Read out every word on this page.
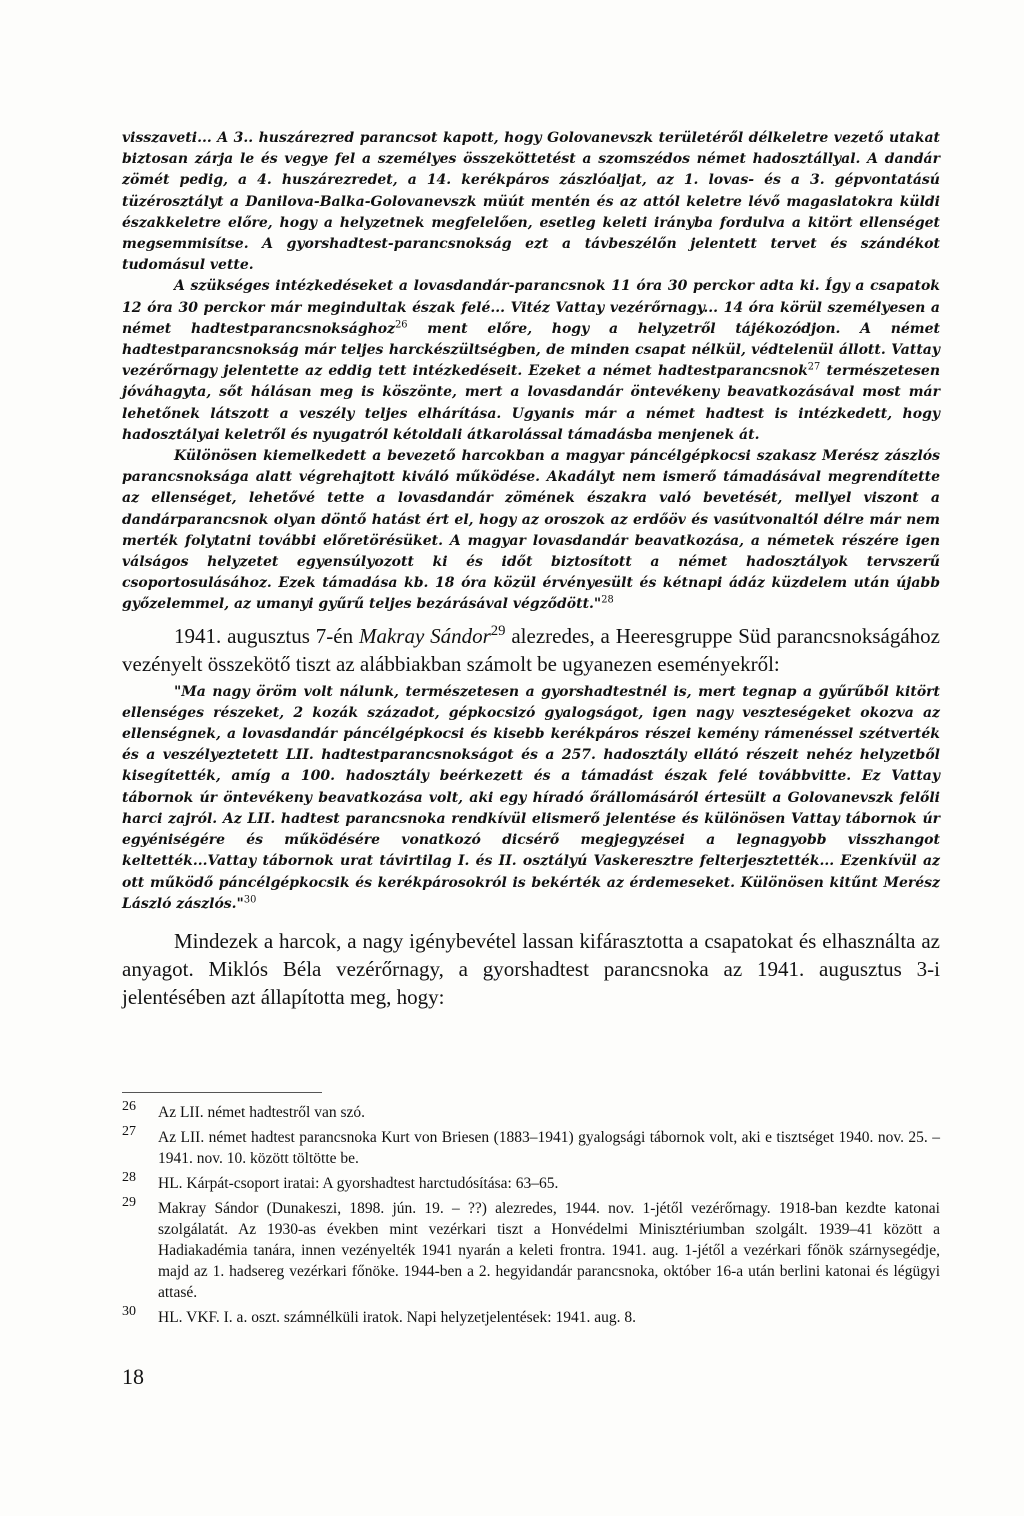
visszaveti... A 3.. huszárezred parancsot kapott, hogy Golovanevszk területéről délkeletre vezető utakat biztosan zárja le és vegye fel a személyes összeköttetést a szomszédos német hadosztállyal. A dandár zömét pedig, a 4. huszárezredet, a 14. kerékpáros zászlóaljat, az 1. lovas- és a 3. gépvontatású tüzérosztályt a Danilova-Balka-Golovanevszk müút mentén és az attól keletre lévő magaslatokra küldi északkeletre előre, hogy a helyzetnek megfelelően, esetleg keleti irányba fordulva a kitört ellenséget megsemmisítse. A gyorshadtest-parancsnokság ezt a távbeszélőn jelentett tervet és szándékot tudomásul vette.

A szükséges intézkedéseket a lovasdandár-parancsnok 11 óra 30 perckor adta ki. Így a csapatok 12 óra 30 perckor már megindultak észak felé... Vitéz Vattay vezérőrnagy... 14 óra körül személyesen a német hadtestparancsnoksághoz$^{26}$ ment előre, hogy a helyzetről tájékozódjon. A német hadtestparancsnokság már teljes harckészültségben, de minden csapat nélkül, védtelenül állott. Vattay vezérőrnagy jelentette az eddig tett intézkedéseit. Ezeket a német hadtestparancsnok$^{27}$ természetesen jóváhagyta, sőt hálásan meg is köszönte, mert a lovasdandár öntevékeny beavatkozásával most már lehetőnek látszott a veszély teljes elhárítása. Ugyanis már a német hadtest is intézkedett, hogy hadosztályai keletről és nyugatról kétoldali átkarolással támadásba menjenek át.

Különösen kiemelkedett a bevezető harcokban a magyar páncélgépkocsi szakasz Merész zászlós parancsnoksága alatt végrehajtott kiváló működése. Akadályt nem ismerő támadásával megrendítette az ellenséget, lehetővé tette a lovasdandár zömének északra való bevetését, mellyel viszont a dandárparancsnok olyan döntő hatást ért el, hogy az oroszok az erdőöv és vasútvonaltól délre már nem merték folytatni további előretörésüket. A magyar lovasdandár beavatkozása, a németek részére igen válságos helyzetet egyensúlyozott ki és időt biztosított a német hadosztályok tervszerű csoportosulásához. Ezek támadása kb. 18 óra közül érvényesült és kétnapi ádáz küzdelem után újabb győzelemmel, az umanyi gyűrű teljes bezárásával végződött."$^{28}$

1941. augusztus 7-én Makray Sándor$^{29}$ alezredes, a Heeresgruppe Süd parancsnokságához vezényelt összekötő tiszt az alábbiakban számolt be ugyanezen eseményekről:

"Ma nagy öröm volt nálunk, természetesen a gyorshadtestnél is, mert tegnap a gyűrűből kitört ellenséges részeket, 2 kozák századot, gépkocsizó gyalogságot, igen nagy veszteségeket okozva az ellenségnek, a lovasdandár páncélgépkocsi és kisebb kerékpáros részei kemény rámenéssel szétverték és a veszélyeztetett LII. hadtestparancsnokságot és a 257. hadosztály ellátó részeit nehéz helyzetből kisegítették, amíg a 100. hadosztály beérkezett és a támadást észak felé továbbvitte. Ez Vattay tábornok úr öntevékeny beavatkozása volt, aki egy híradó őrállomásáról értesült a Golovanevszk felőli harci zajról. Az LII. hadtest parancsnoka rendkívül elismerő jelentése és különösen Vattay tábornok úr egyéniségére és működésére vonatkozó dicsérő megjegyzései a legnagyobb visszhangot keltették...Vattay tábornok urat távirtilag I. és II. osztályú Vaskeresztre felterjesztették... Ezenkívül az ott működő páncélgépkocsik és kerékpárosokról is bekérték az érdemeseket. Különösen kitűnt Merész László zászlós."$^{30}$

Mindezek a harcok, a nagy igénybevétel lassan kifárasztotta a csapatokat és elhasználta az anyagot. Miklós Béla vezérőrnagy, a gyorshadtest parancsnoka az 1941. augusztus 3-i jelentésében azt állapította meg, hogy:

26 Az LII. német hadtestről van szó.

27 Az LII. német hadtest parancsnoka Kurt von Briesen (1883–1941) gyalogsági tábornok volt, aki e tisztséget 1940. nov. 25. – 1941. nov. 10. között töltötte be.

28 HL. Kárpát-csoport iratai: A gyorshadtest harctudósítása: 63–65.

29 Makray Sándor (Dunakeszi, 1898. jún. 19. – ??) alezredes, 1944. nov. 1-jétől vezérőrnagy. 1918-ban kezdte katonai szolgálatát. Az 1930-as években mint vezérkari tiszt a Honvédelmi Minisztériumban szolgált. 1939–41 között a Hadiakadémia tanára, innen vezényelték 1941 nyarán a keleti frontra. 1941. aug. 1-jétől a vezérkari főnök szárnysegédje, majd az 1. hadsereg vezérkari főnöke. 1944-ben a 2. hegyidandár parancsnoka, október 16-a után berlini katonai és légügyi attasé.

30 HL. VKF. I. a. oszt. számnélküli iratok. Napi helyzetjelentések: 1941. aug. 8.

18
